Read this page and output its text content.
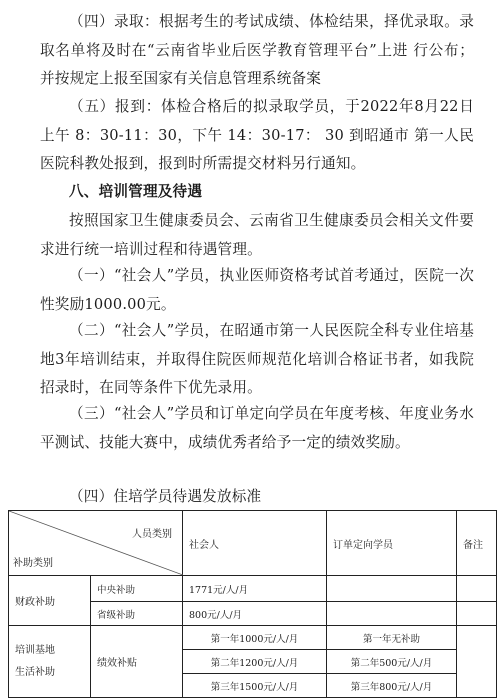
（四）录取：根据考生的考试成绩、体检结果，择优录取。录取名单将及时在“云南省毕业后医学教育管理平台”上进 行公布；并按规定上报至国家有关信息管理系统备案

（五）报到：体检合格后的拟录取学员，于2022年8月22日上午 8：30-11：30，下午 14：30-17： 30 到昭通市 第一人民医院科教处报到，报到时所需提交材料另行通知。

八、培训管理及待遇

按照国家卫生健康委员会、云南省卫生健康委员会相关文件要求进行统一培训过程和待遇管理。

（一）“社会人”学员，执业医师资格考试首考通过，医院一次性奖励1000.00元。

（二）“社会人”学员，在昭通市第一人民医院全科专业住培基地3年培训结束，并取得住院医师规范化培训合格证书者，如我院招录时，在同等条件下优先录用。

（三）“社会人”学员和订单定向学员在年度考核、年度业务水平测试、技能大赛中，成绩优秀者给予一定的绩效奖励。

（四）住培学员待遇发放标准

人员类别
补助类别		社会人	订单定向学员	备注
财政补助	中央补助	1771元/人/月		
	省级补助	800元/人/月		
培训基地
生活补助	绩效补贴	第一年1000元/人/月	第一年无补助	
		第二年1200元/人/月	第二年500元/人/月	
		第三年1500元/人/月	第三年800元/人/月	
